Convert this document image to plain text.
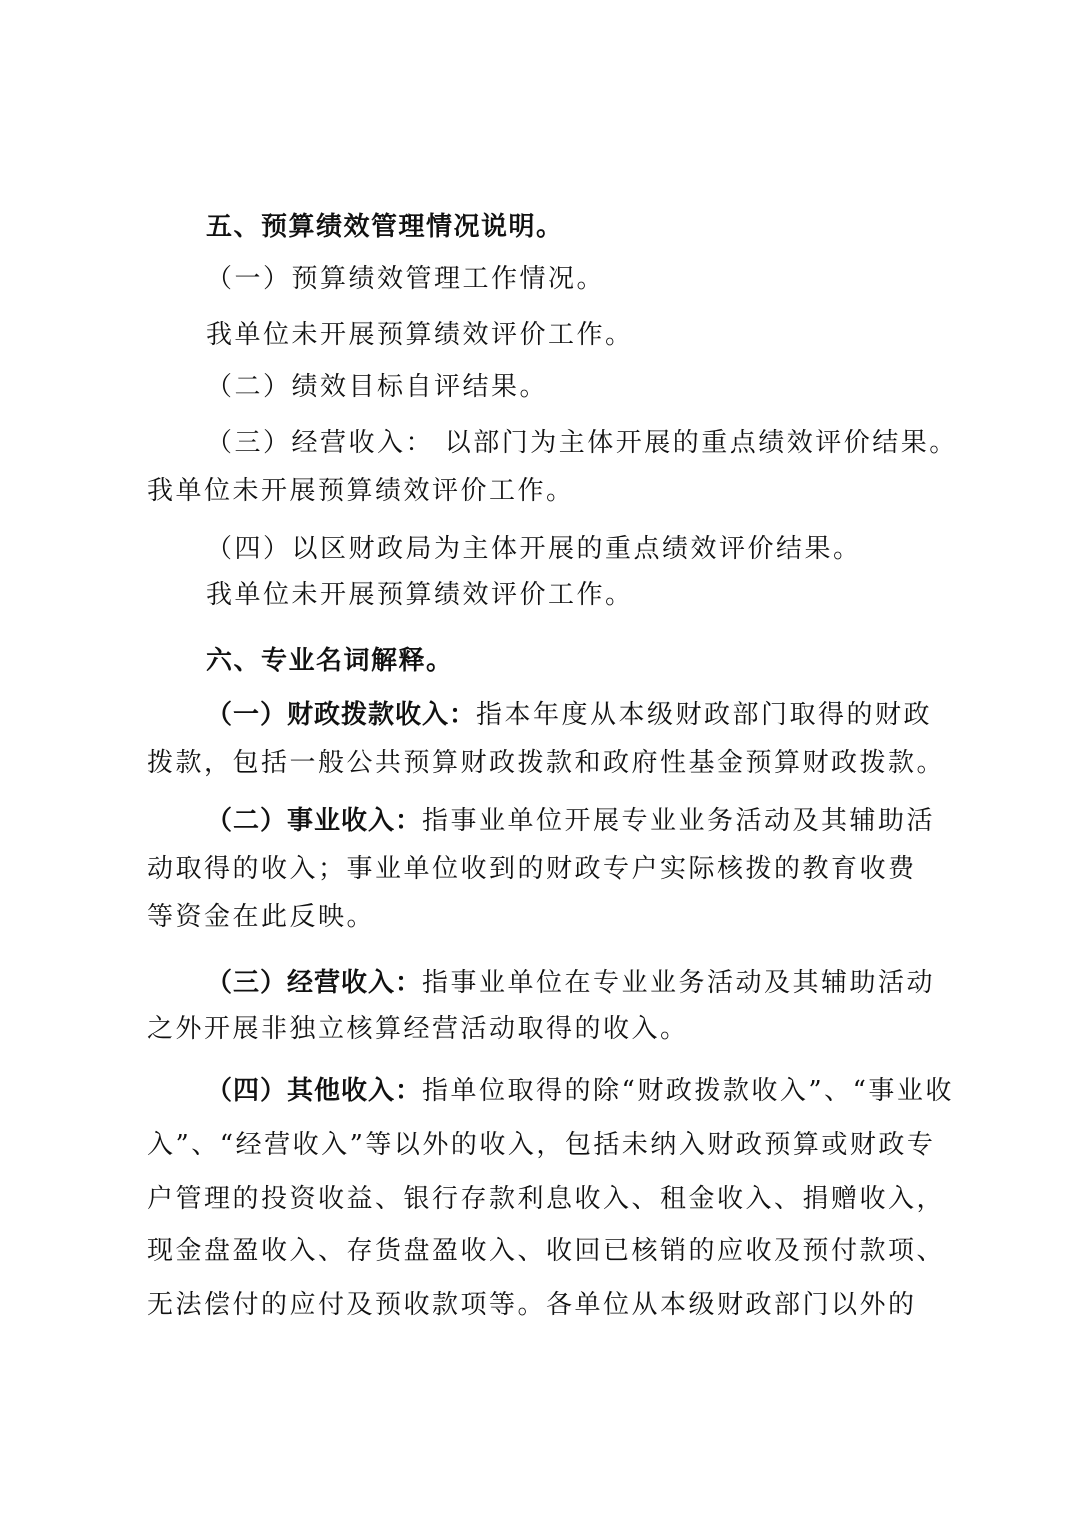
五、预算绩效管理情况说明。
（一）预算绩效管理工作情况。
我单位未开展预算绩效评价工作。
（二）绩效目标自评结果。
（三）经营收入： 以部门为主体开展的重点绩效评价结果。
我单位未开展预算绩效评价工作。
（四）以区财政局为主体开展的重点绩效评价结果。
我单位未开展预算绩效评价工作。
六、专业名词解释。
（一）财政拨款收入：指本年度从本级财政部门取得的财政
拨款，包括一般公共预算财政拨款和政府性基金预算财政拨款。
（二）事业收入：指事业单位开展专业业务活动及其辅助活
动取得的收入；事业单位收到的财政专户实际核拨的教育收费
等资金在此反映。
（三）经营收入：指事业单位在专业业务活动及其辅助活动
之外开展非独立核算经营活动取得的收入。
（四）其他收入：指单位取得的除“财政拨款收入”、“事业收
入”、“经营收入”等以外的收入，包括未纳入财政预算或财政专
户管理的投资收益、银行存款利息收入、租金收入、捐赠收入，
现金盘盈收入、存货盘盈收入、收回已核销的应收及预付款项、
无法偿付的应付及预收款项等。各单位从本级财政部门以外的
